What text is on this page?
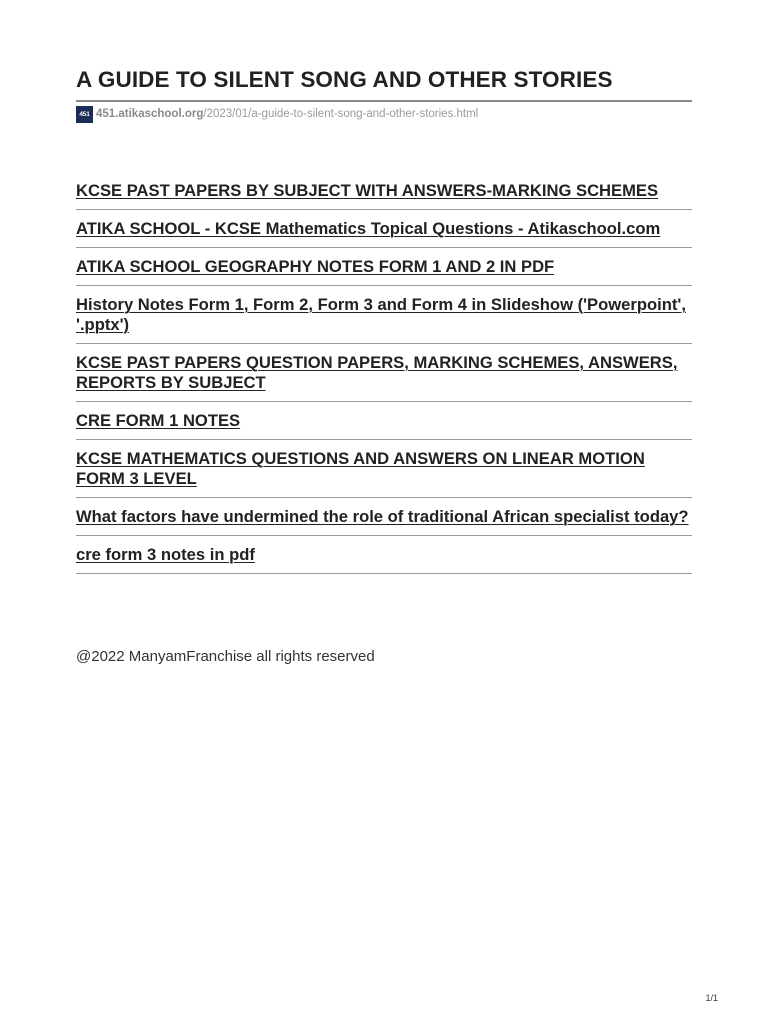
A GUIDE TO SILENT SONG AND OTHER STORIES
451 451.atikaschool.org /2023/01/a-guide-to-silent-song-and-other-stories.html
KCSE PAST PAPERS BY SUBJECT WITH ANSWERS-MARKING SCHEMES
ATIKA SCHOOL - KCSE Mathematics Topical Questions - Atikaschool.com
ATIKA SCHOOL GEOGRAPHY NOTES FORM 1 AND 2 IN PDF
History Notes Form 1, Form 2, Form 3 and Form 4 in Slideshow ('Powerpoint', '.pptx')
KCSE PAST PAPERS QUESTION PAPERS, MARKING SCHEMES, ANSWERS, REPORTS BY SUBJECT
CRE FORM 1 NOTES
KCSE MATHEMATICS QUESTIONS AND ANSWERS ON LINEAR MOTION FORM 3 LEVEL
What factors have undermined the role of traditional African specialist today?
cre form 3 notes in pdf
@2022 ManyamFranchise all rights reserved
1/1
